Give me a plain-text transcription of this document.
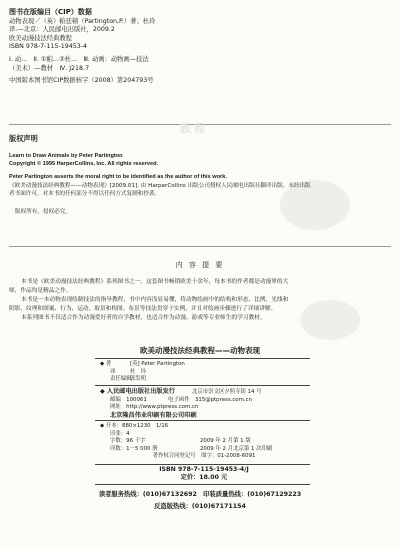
图书在版编目（CIP）数据
动物表现／（英）帕廷顿（Partington,P.）著；杜玲
译.—北京：人民邮电出版社，2009.2
欧美动漫技法经典教程
ISBN 978-7-115-19453-4
Ⅰ. 动…　Ⅱ. ①帕…②杜…　Ⅲ. 动画：动物画—技法
（美术）—教材　Ⅳ. J218.7
中国版本图书馆CIP数据核字（2008）第204793号
教程
版权声明
Learn to Draw Animals by Peter Partington
Copyright © 1995 HarperCollins, Inc. All rights reserved.
Peter Partington asserts the moral right to be identified as the author of this work.
《欧美动漫技法经典教程——动物表现》[2009.01]. 由 HarperCollins 出版公司授权人民邮电出版社翻译出版。未经出版
者书面许可，对本书的任何部分不得以任何方式复制和抄袭。
版权所有，侵权必究。
内 容 提 要

本书是《欧美动漫技法经典教程》系列图书之一，这套图书畅销欧美十余年，每本书的作者都是动漫界的大

师，作品均是精品之作。

本书是一本动物表现绘制技法的指导教程，书中内容浅显易懂，将动物绘画中的结构和形态、比例、光线和

阴影、纹理和图案、行为、运动、取景和构图、布景等技法贯穿于实例，并且对绘画步骤进行了详细讲解。

本系列图书不仅适合作为动漫爱好者的自学教材，也适合作为动漫、游戏等专业师生的学习教材。

欧美动漫技法经典教程——动物表现
◆ 著	[英] Peter Partington
译	杜　玲
责任编辑郭发明
◆ 人民邮电出版社出版发行	北京市崇文区夕照寺街 14 号
邮编　100061	电子函件　315@ptpress.com.cn
网址　http://www.ptpress.com.cn
北京隆昌伟业印刷有限公司印刷
◆ 开本：880×1230　1/16
印张：4
字数：96 千字	2009 年 2 月第 1 版
印数：1－5 000 册	2009 年 2 月北京第 1 次印刷
著作权合同登记号　图字：01-2008-6091
ISBN 978-7-115-19453-4/J
定价：18.00 元
读者服务热线：(010)67132692　印装质量热线：(010)67129223
反盗版热线：(010)67171154
